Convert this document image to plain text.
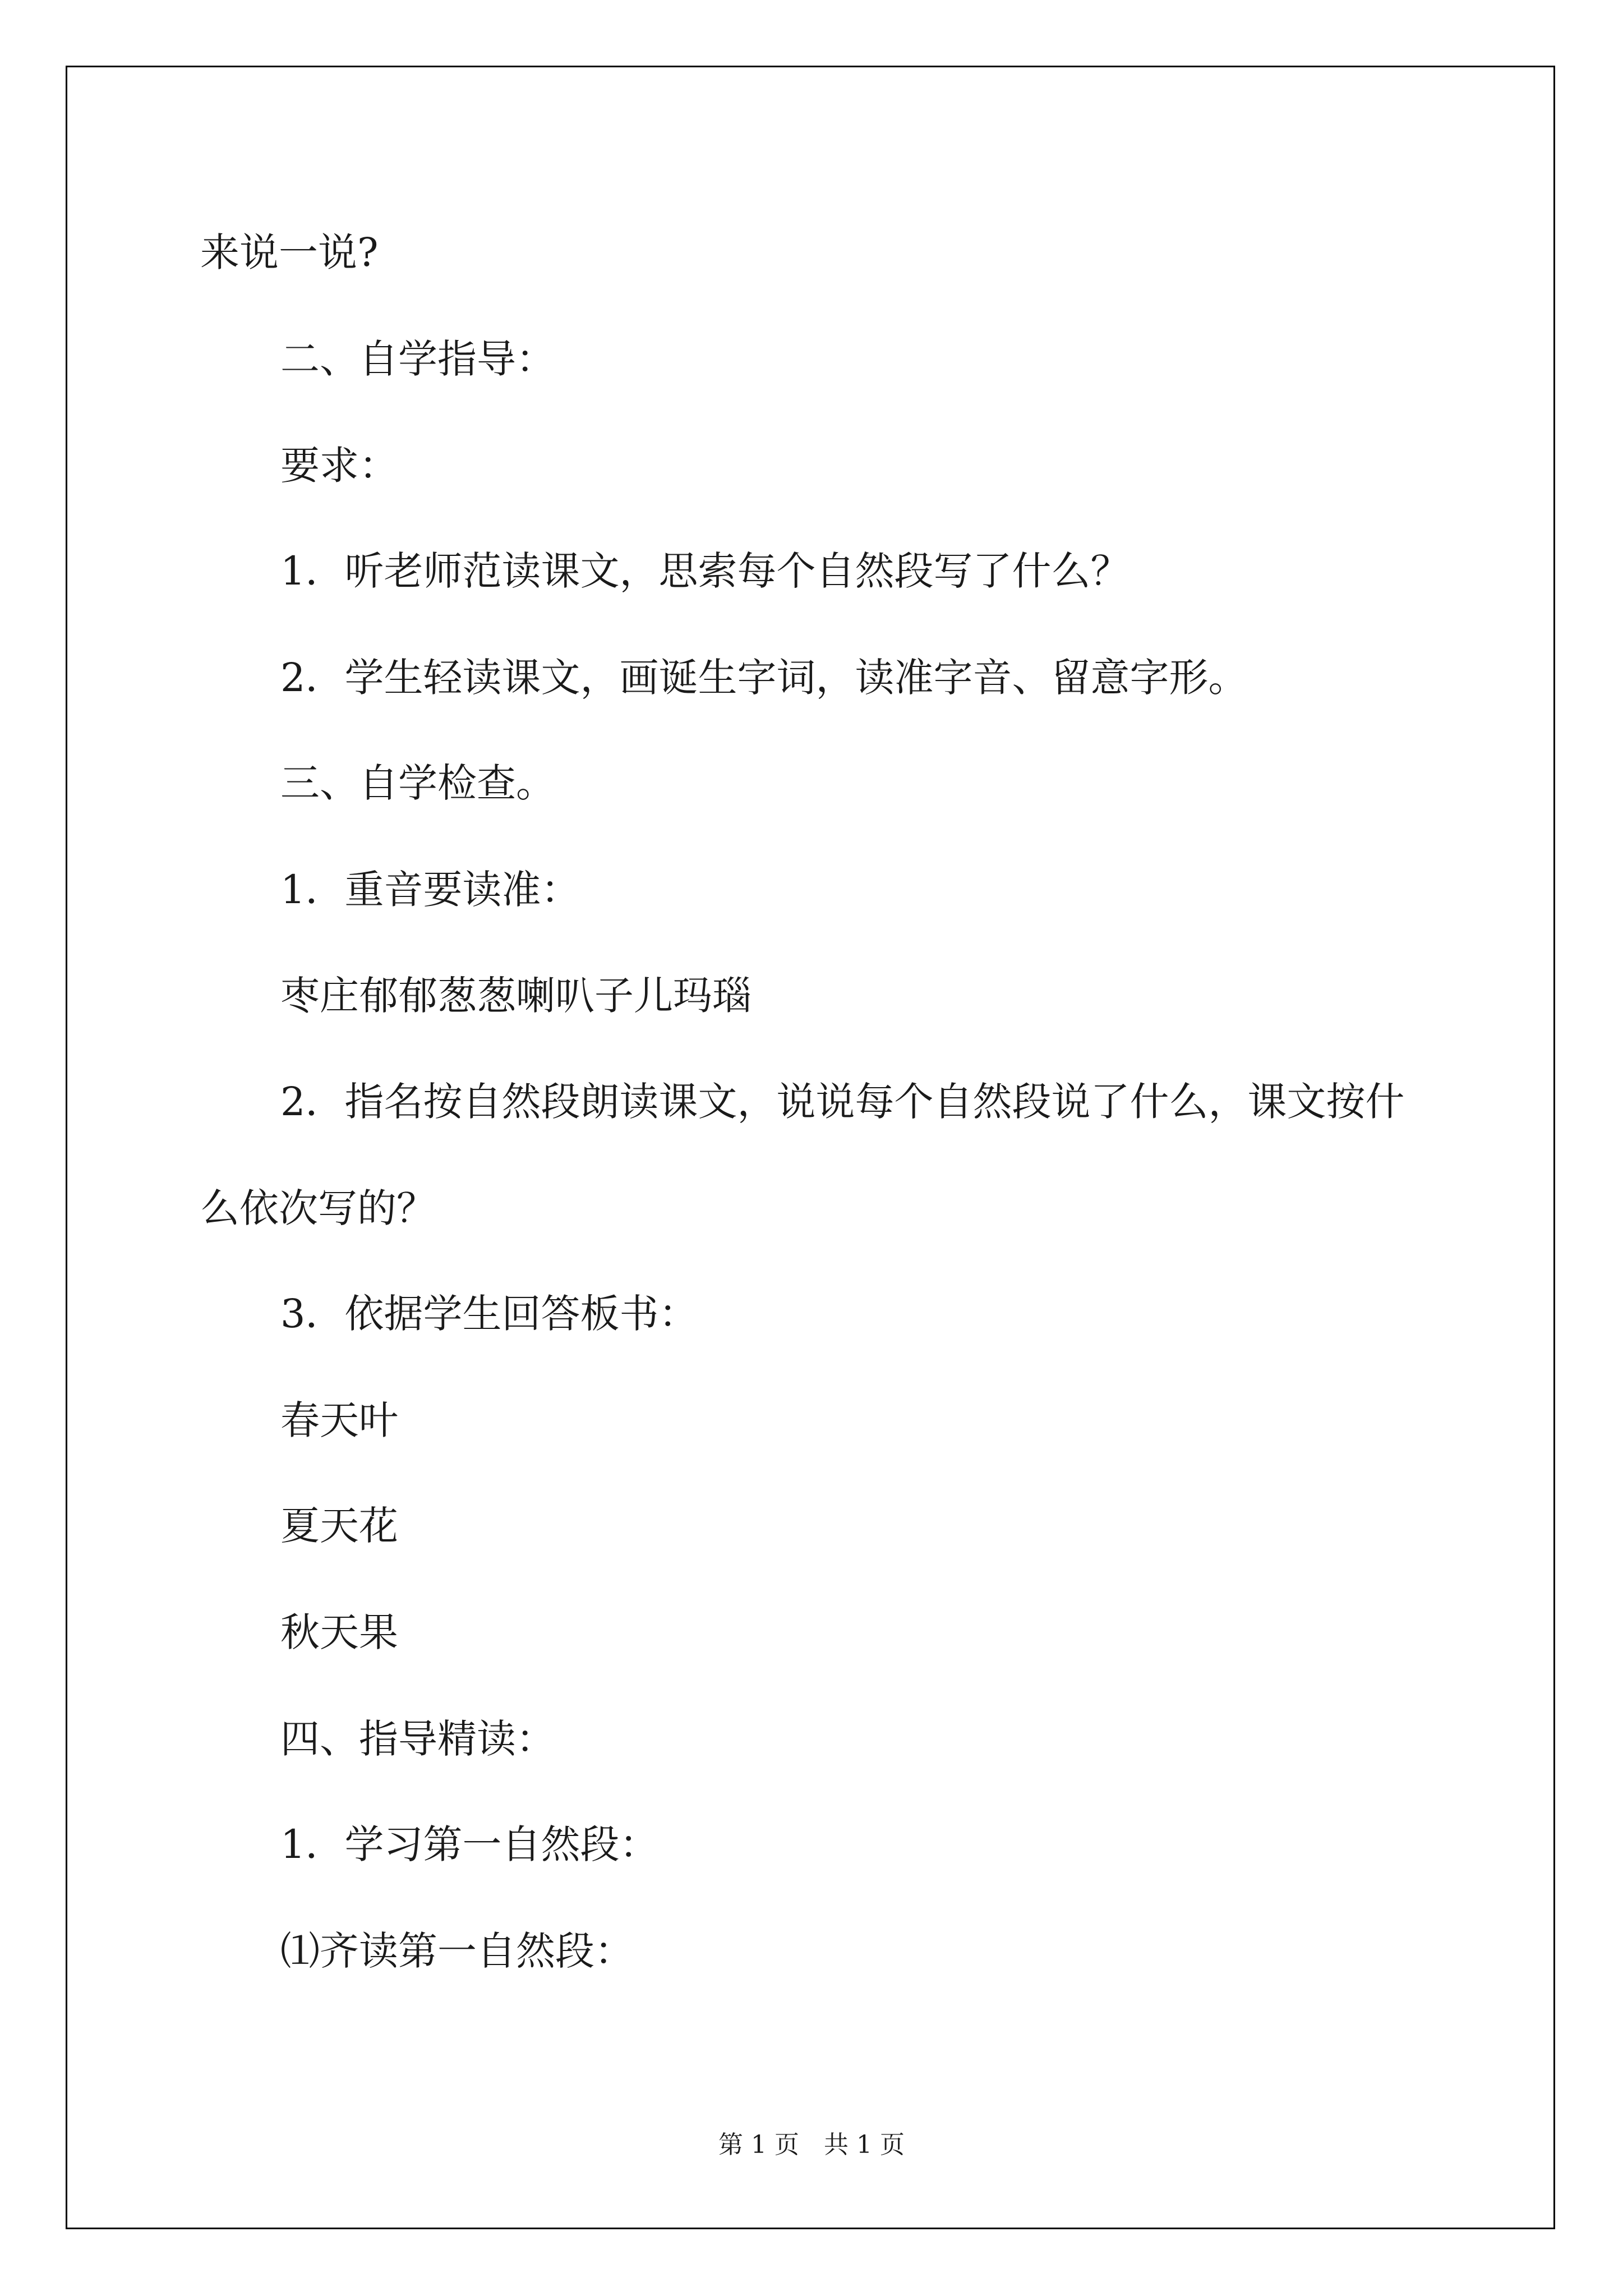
来说一说?
二、自学指导：
要求：
1．听老师范读课文，思索每个自然段写了什么？
2．学生轻读课文，画诞生字词，读准字音、留意字形。
三、自学检查。
1．重音要读准：
枣庄郁郁葱葱喇叭子儿玛瑙
2．指名按自然段朗读课文，说说每个自然段说了什么，课文按什
么依次写的？
3．依据学生回答板书：
春天叶
夏天花
秋天果
四、指导精读：
1．学习第一自然段：
⑴齐读第一自然段：
第 1 页　共 1 页
